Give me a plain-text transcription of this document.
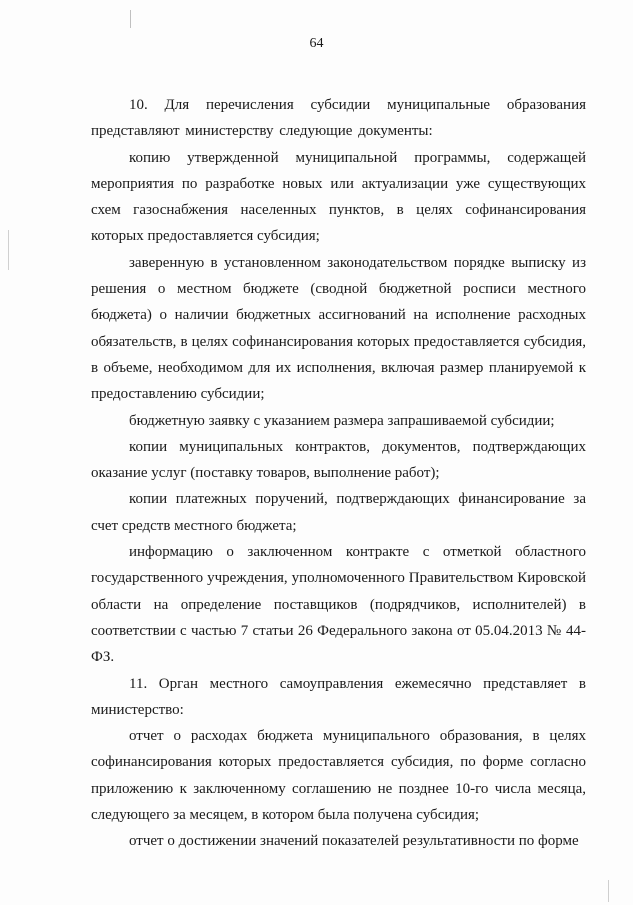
64

10. Для перечисления субсидии муниципальные образования представляют министерству следующие документы:

копию утвержденной муниципальной программы, содержащей мероприятия по разработке новых или актуализации уже существующих схем газоснабжения населенных пунктов, в целях софинансирования которых предоставляется субсидия;

заверенную в установленном законодательством порядке выписку из решения о местном бюджете (сводной бюджетной росписи местного бюджета) о наличии бюджетных ассигнований на исполнение расходных обязательств, в целях софинансирования которых предоставляется субсидия, в объеме, необходимом для их исполнения, включая размер планируемой к предоставлению субсидии;

бюджетную заявку с указанием размера запрашиваемой субсидии;

копии муниципальных контрактов, документов, подтверждающих оказание услуг (поставку товаров, выполнение работ);

копии платежных поручений, подтверждающих финансирование за счет средств местного бюджета;

информацию о заключенном контракте с отметкой областного государственного учреждения, уполномоченного Правительством Кировской области на определение поставщиков (подрядчиков, исполнителей) в соответствии с частью 7 статьи 26 Федерального закона от 05.04.2013 № 44-ФЗ.

11. Орган местного самоуправления ежемесячно представляет в министерство:

отчет о расходах бюджета муниципального образования, в целях софинансирования которых предоставляется субсидия, по форме согласно приложению к заключенному соглашению не позднее 10-го числа месяца, следующего за месяцем, в котором была получена субсидия;

отчет о достижении значений показателей результативности по форме
